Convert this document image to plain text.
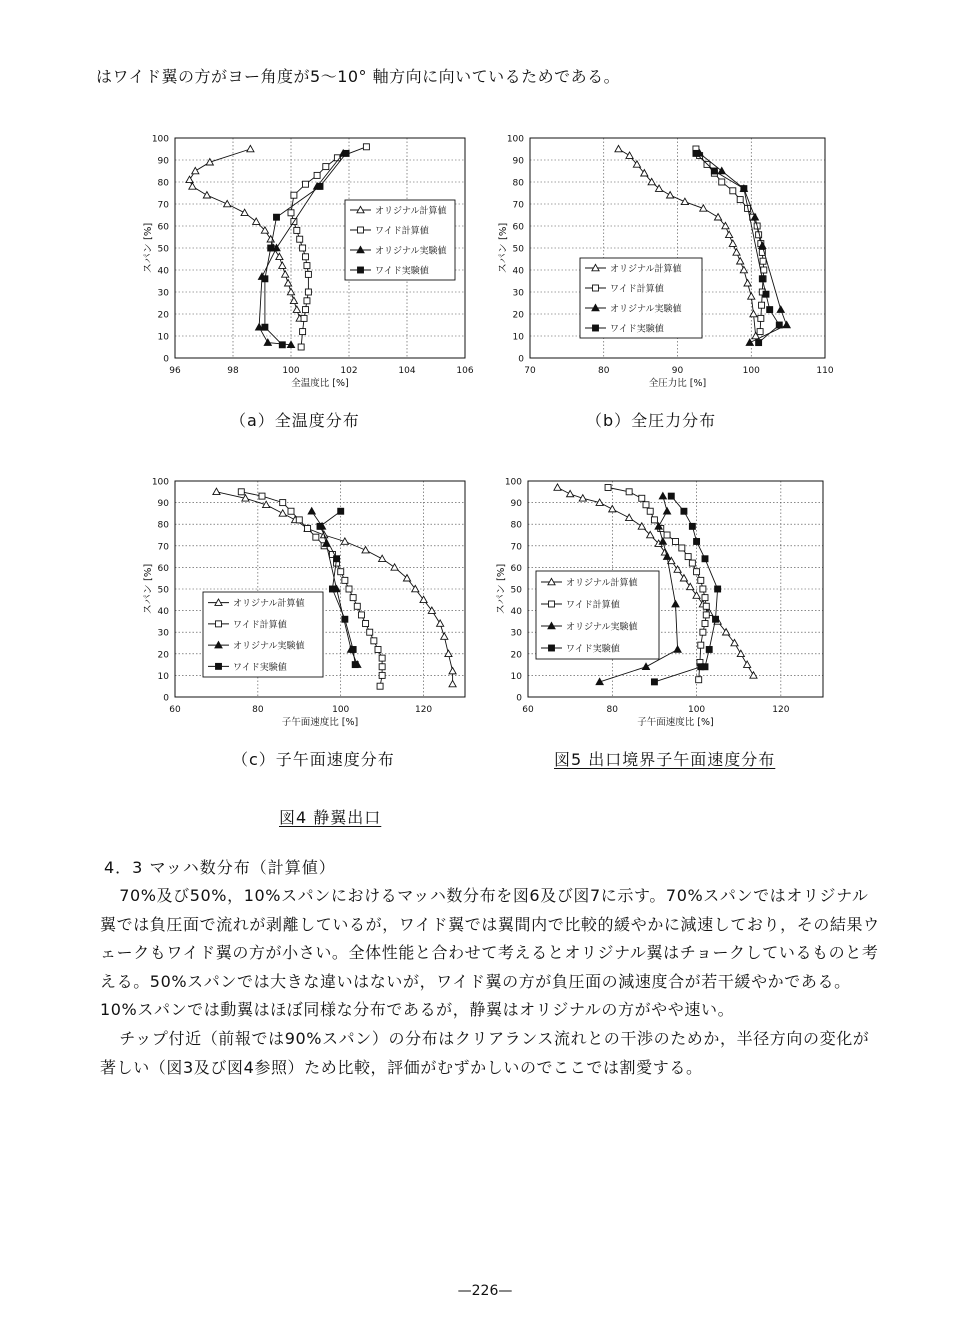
はワイド翼の方がヨー角度が5〜10° 軸方向に向いているためである。
0
10
20
30
40
50
60
70
80
90
100
96	98	100	102	104	106
全温度比 [%]
スパン [%]
オリジナル計算値
ワイド計算値
オリジナル実験値
ワイド実験値
（a）全温度分布
0
10
20
30
40
50
60
70
80
90
100
70	80	90	100	110
全圧力比 [%]
スパン [%]	オリジナル計算値
ワイド計算値
オリジナル実験値
ワイド実験値
（b）全圧力分布
0
10
20
30
40
50
60
70
80
90
100
60	80	100	120
子午面速度比 [%]
スパン [%]	オリジナル計算値
ワイド計算値
オリジナル実験値
ワイド実験値
（c）子午面速度分布
0
10
20
30
40
50
60
70
80
90
100
60	80	100	120
子午面速度比 [%]
スパン [%]	オリジナル計算値
ワイド計算値
オリジナル実験値
ワイド実験値
図5 出口境界子午面速度分布
図4 静翼出口
4．3 マッハ数分布（計算値）
70%及び50%，10%スパンにおけるマッハ数分布を図6及び図7に示す。70%スパンではオリジナル翼では負圧面で流れが剥離しているが，ワイド翼では翼間内で比較的緩やかに減速しており，その結果ウェークもワイド翼の方が小さい。全体性能と合わせて考えるとオリジナル翼はチョークしているものと考える。50%スパンでは大きな違いはないが，ワイド翼の方が負圧面の減速度合が若干緩やかである。10%スパンでは動翼はほぼ同様な分布であるが，静翼はオリジナルの方がやや速い。
チップ付近（前報では90%スパン）の分布はクリアランス流れとの干渉のためか，半径方向の変化が著しい（図3及び図4参照）ため比較，評価がむずかしいのでここでは割愛する。
—226—
